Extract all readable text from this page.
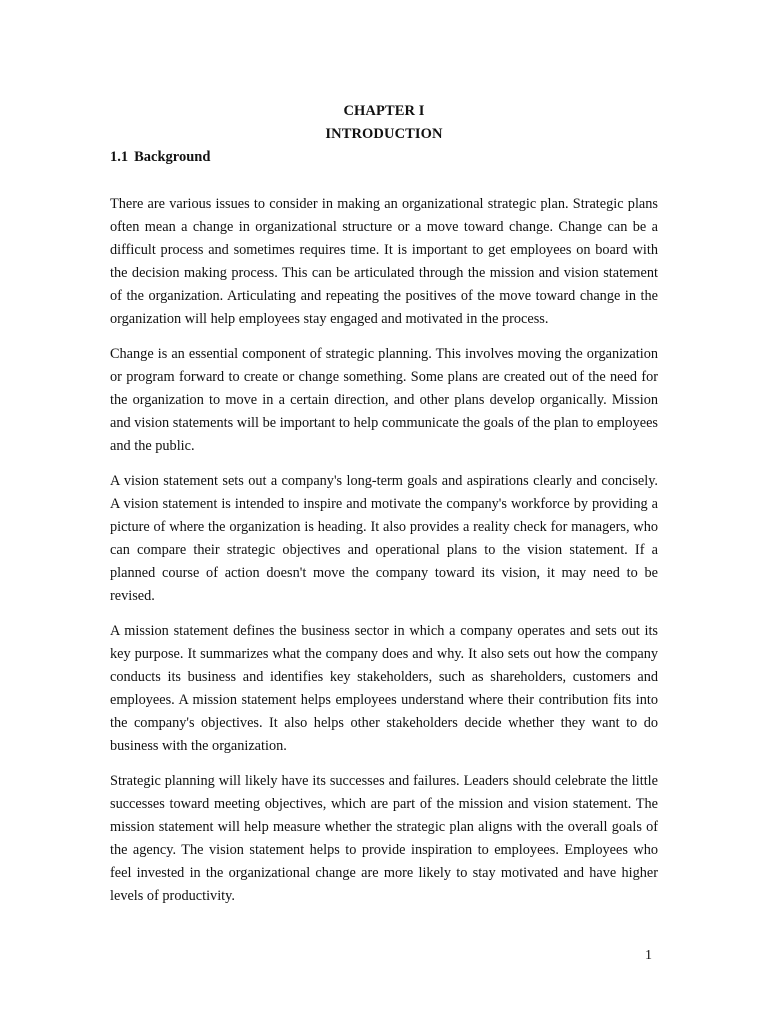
CHAPTER I
INTRODUCTION
1.1 Background

There are various issues to consider in making an organizational strategic plan. Strategic plans often mean a change in organizational structure or a move toward change. Change can be a difficult process and sometimes requires time. It is important to get employees on board with the decision making process. This can be articulated through the mission and vision statement of the organization. Articulating and repeating the positives of the move toward change in the organization will help employees stay engaged and motivated in the process.

Change is an essential component of strategic planning. This involves moving the organization or program forward to create or change something. Some plans are created out of the need for the organization to move in a certain direction, and other plans develop organically. Mission and vision statements will be important to help communicate the goals of the plan to employees and the public.

A vision statement sets out a company's long-term goals and aspirations clearly and concisely. A vision statement is intended to inspire and motivate the company's workforce by providing a picture of where the organization is heading. It also provides a reality check for managers, who can compare their strategic objectives and operational plans to the vision statement. If a planned course of action doesn't move the company toward its vision, it may need to be revised.

A mission statement defines the business sector in which a company operates and sets out its key purpose. It summarizes what the company does and why. It also sets out how the company conducts its business and identifies key stakeholders, such as shareholders, customers and employees. A mission statement helps employees understand where their contribution fits into the company's objectives. It also helps other stakeholders decide whether they want to do business with the organization.

Strategic planning will likely have its successes and failures. Leaders should celebrate the little successes toward meeting objectives, which are part of the mission and vision statement. The mission statement will help measure whether the strategic plan aligns with the overall goals of the agency. The vision statement helps to provide inspiration to employees. Employees who feel invested in the organizational change are more likely to stay motivated and have higher levels of productivity.

1
